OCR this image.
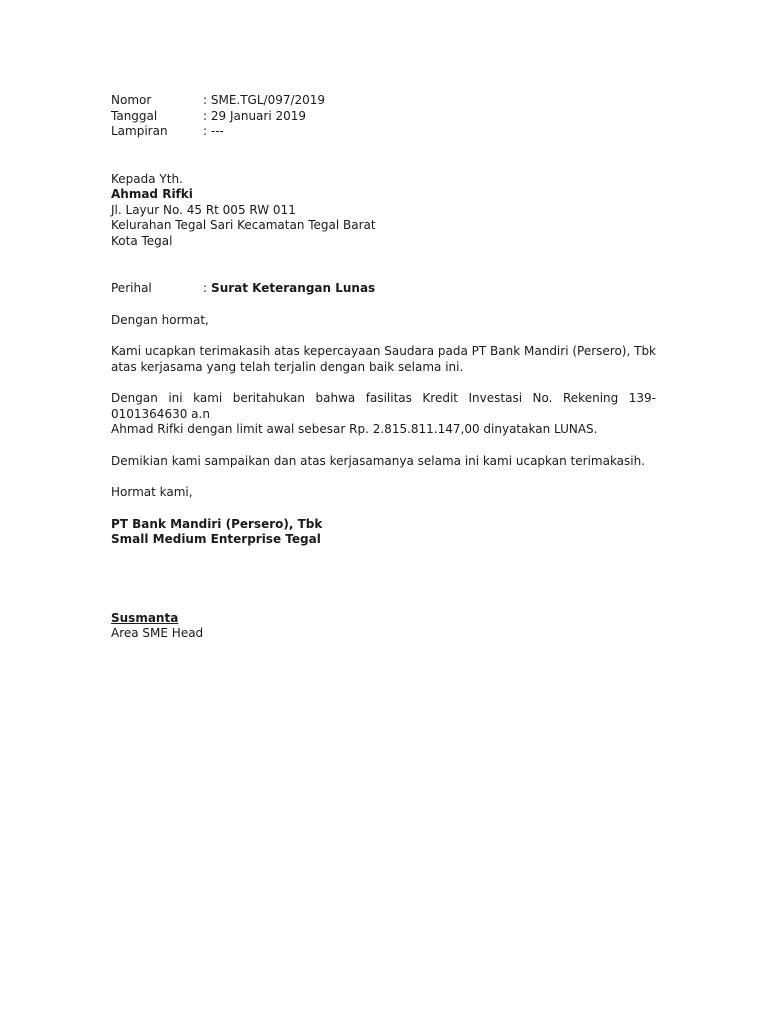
Nomor	: SME.TGL/097/2019
Tanggal	: 29 Januari 2019
Lampiran	: ---
Kepada Yth.
Ahmad Rifki
Jl. Layur No. 45 Rt 005 RW 011
Kelurahan Tegal Sari Kecamatan Tegal Barat
Kota Tegal
Perihal	: Surat Keterangan Lunas
Dengan hormat,
Kami ucapkan terimakasih atas kepercayaan Saudara pada PT Bank Mandiri (Persero), Tbk atas kerjasama yang telah terjalin dengan baik selama ini.
Dengan ini kami beritahukan bahwa fasilitas Kredit Investasi No. Rekening 139-0101364630 a.n
Ahmad Rifki dengan limit awal sebesar Rp. 2.815.811.147,00 dinyatakan LUNAS.
Demikian kami sampaikan dan atas kerjasamanya selama ini kami ucapkan terimakasih.
Hormat kami,
PT Bank Mandiri (Persero), Tbk
Small Medium Enterprise Tegal
Susmanta
Area SME Head
